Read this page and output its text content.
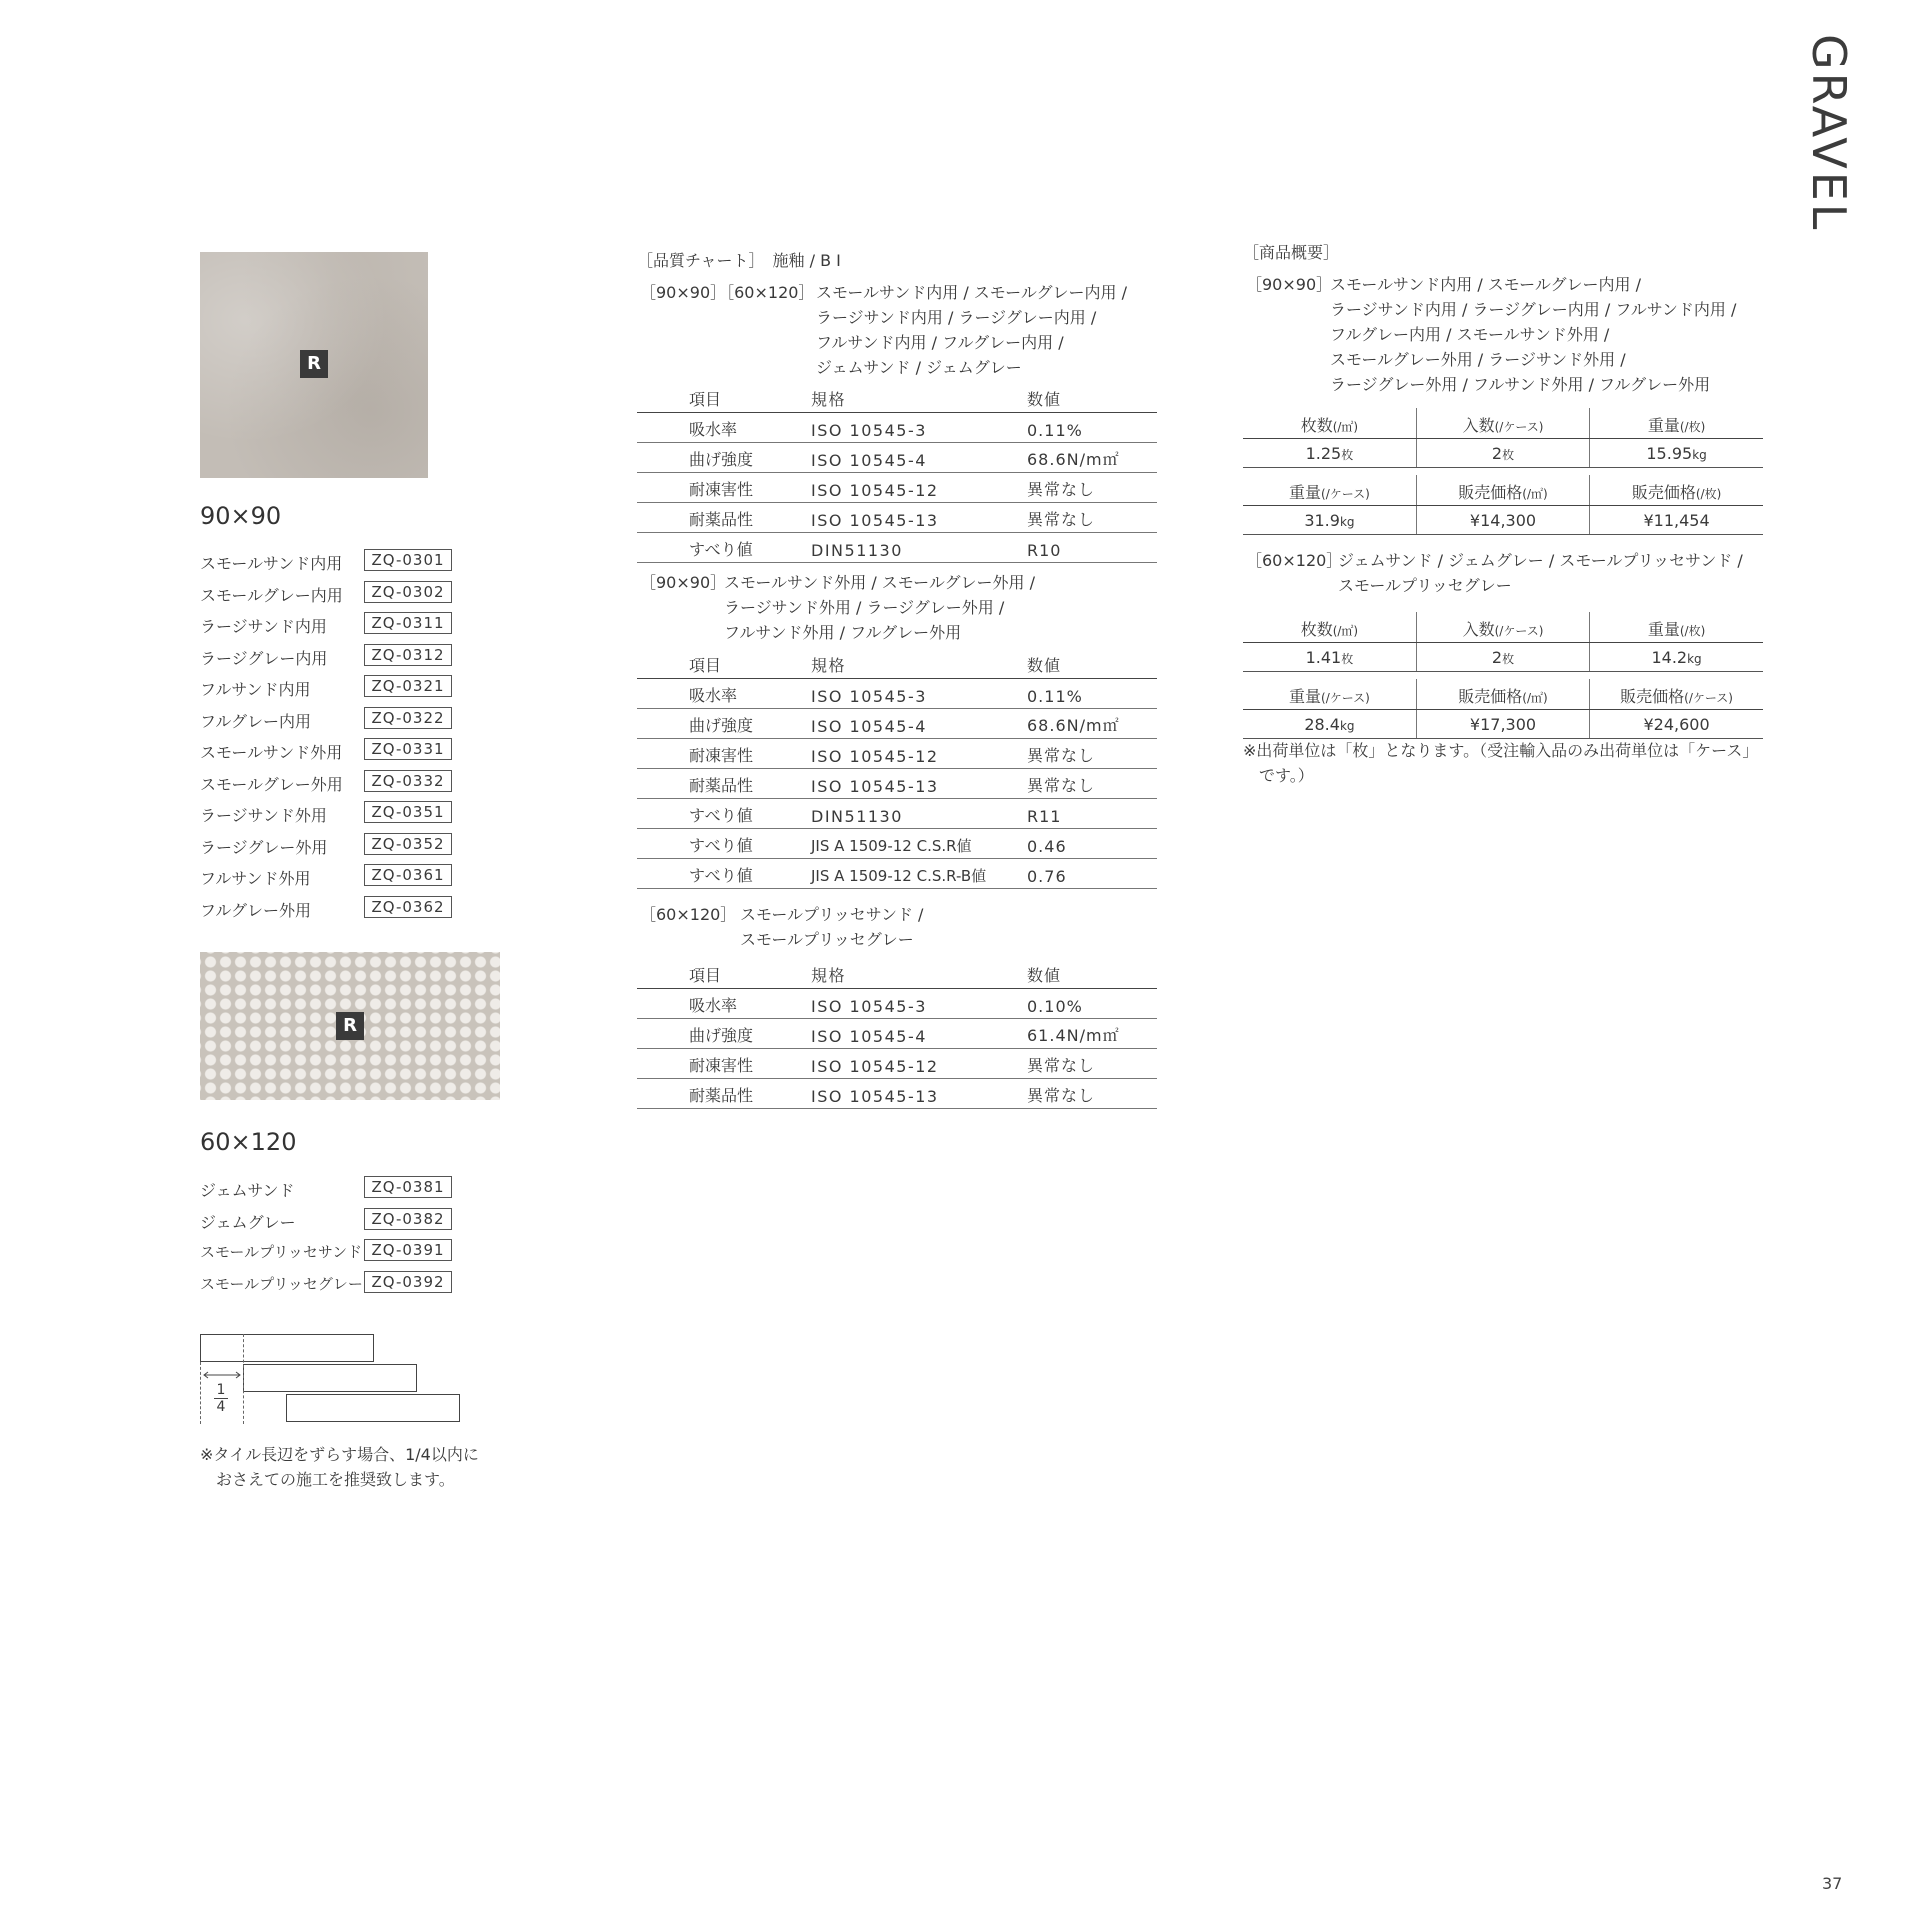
GRAVEL
R
90×90
スモールサンド内用	ZQ-0301
スモールグレー内用	ZQ-0302
ラージサンド内用	ZQ-0311
ラージグレー内用	ZQ-0312
フルサンド内用	ZQ-0321
フルグレー内用	ZQ-0322
スモールサンド外用	ZQ-0331
スモールグレー外用	ZQ-0332
ラージサンド外用	ZQ-0351
ラージグレー外用	ZQ-0352
フルサンド外用	ZQ-0361
フルグレー外用	ZQ-0362
R
60×120
ジェムサンド	ZQ-0381
ジェムグレー	ZQ-0382
スモールプリッセサンド ZQ-0391
スモールプリッセグレー ZQ-0392
$\frac{1}{4}$
※タイル長辺をずらす場合、1/4以内に
　おさえての施工を推奨致します。
［品質チャート］　施釉 / B I
［90×90］［60×120］ スモールサンド内用 / スモールグレー内用 /
ラージサンド内用 / ラージグレー内用 /
フルサンド内用 / フルグレー内用 /
ジェムサンド / ジェムグレー
項目	規格	数値
吸水率	ISO 10545-3	0.11%
曲げ強度	ISO 10545-4	68.6N/m㎡
耐凍害性	ISO 10545-12	異常なし
耐薬品性	ISO 10545-13	異常なし
すべり値	DIN51130	R10
［90×90］
スモールサンド外用 / スモールグレー外用 /
ラージサンド外用 / ラージグレー外用 /
フルサンド外用 / フルグレー外用
項目	規格	数値
吸水率	ISO 10545-3	0.11%
曲げ強度	ISO 10545-4	68.6N/m㎡
耐凍害性	ISO 10545-12	異常なし
耐薬品性	ISO 10545-13	異常なし
すべり値	DIN51130	R11
すべり値	JIS A 1509-12 C.S.R値	0.46
すべり値	JIS A 1509-12 C.S.R-B値	0.76
［60×120］ スモールプリッセサンド /
スモールプリッセグレー
項目	規格	数値
吸水率	ISO 10545-3	0.10%
曲げ強度	ISO 10545-4	61.4N/m㎡
耐凍害性	ISO 10545-12	異常なし
耐薬品性	ISO 10545-13	異常なし
［商品概要］
［90×90］
スモールサンド内用 / スモールグレー内用 /
ラージサンド内用 / ラージグレー内用 / フルサンド内用 /
フルグレー内用 / スモールサンド外用 /
スモールグレー外用 / ラージサンド外用 /
ラージグレー外用 / フルサンド外用 / フルグレー外用
枚数(/㎡)	入数(/ケース)	重量(/枚)
1.25枚	2枚	15.95kg
重量(/ケース)	販売価格(/㎡)	販売価格(/枚)
31.9kg	¥14,300	¥11,454
［60×120］
ジェムサンド / ジェムグレー / スモールプリッセサンド /
スモールプリッセグレー
枚数(/㎡)	入数(/ケース)	重量(/枚)
1.41枚	2枚	14.2kg
重量(/ケース)	販売価格(/㎡)	販売価格(/ケース)
28.4kg	¥17,300	¥24,600
※出荷単位は「枚」となります。（受注輸入品のみ出荷単位は「ケース」
　です。）
37
